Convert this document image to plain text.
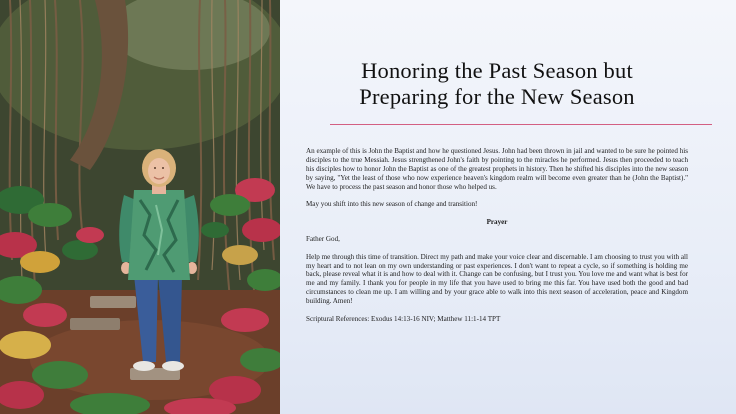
Honoring the Past Season but
Preparing for the New Season

An example of this is John the Baptist and how he questioned Jesus. John had been thrown in jail and wanted to be sure he pointed his disciples to the true Messiah. Jesus strengthened John's faith by pointing to the miracles he performed. Jesus then proceeded to teach his disciples how to honor John the Baptist as one of the greatest prophets in history. Then he shifted his disciples into the new season by saying, "Yet the least of those who now experience heaven's kingdom realm will become even greater than he (John the Baptist)." We have to process the past season and honor those who helped us.

May you shift into this new season of change and transition!

Prayer

Father God,

Help me through this time of transition. Direct my path and make your voice clear and discernable. I am choosing to trust you with all my heart and to not lean on my own understanding or past experiences. I don't want to repeat a cycle, so if something is holding me back, please reveal what it is and how to deal with it. Change can be confusing, but I trust you. You love me and want what is best for me and my family. I thank you for people in my life that you have used to bring me this far. You have used both the good and bad circumstances to clean me up. I am willing and by your grace able to walk into this next season of acceleration, peace and Kingdom building. Amen!

Scriptural References: Exodus 14:13-16 NIV; Matthew 11:1-14 TPT
